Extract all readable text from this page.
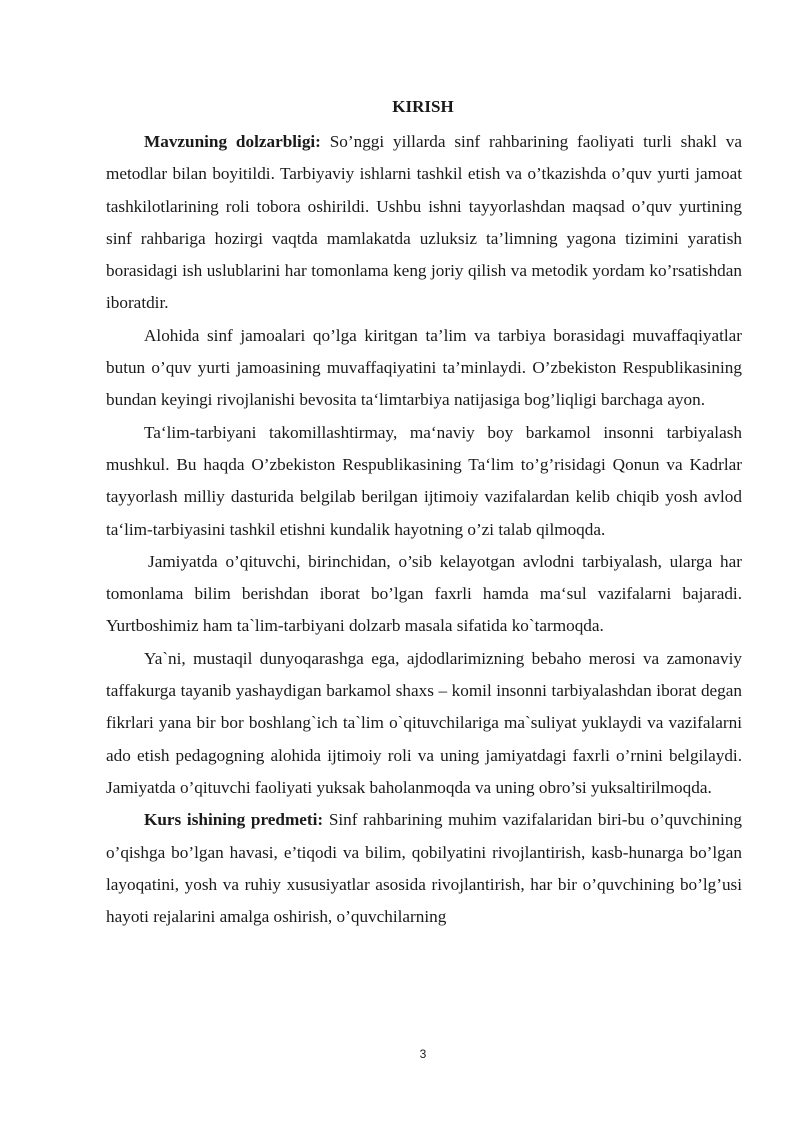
KIRISH

Mavzuning dolzarbligi: So’nggi yillarda sinf rahbarining faoliyati turli shakl va metodlar bilan boyitildi. Tarbiyaviy ishlarni tashkil etish va o’tkazishda o’quv yurti jamoat tashkilotlarining roli tobora oshirildi. Ushbu ishni tayyorlashdan maqsad o’quv yurtining sinf rahbariga hozirgi vaqtda mamlakatda uzluksiz ta’limning yagona tizimini yaratish borasidagi ish uslublarini har tomonlama keng joriy qilish va metodik yordam ko’rsatishdan iboratdir.

Alohida sinf jamoalari qo’lga kiritgan ta’lim va tarbiya borasidagi muvaffaqiyatlar butun o’quv yurti jamoasining muvaffaqiyatini ta’minlaydi. O’zbekiston Respublikasining bundan keyingi rivojlanishi bevosita ta‘limtarbiya natijasiga bog’liqligi barchaga ayon.

Ta‘lim-tarbiyani takomillashtirmay, ma‘naviy boy barkamol insonni tarbiyalash mushkul. Bu haqda O’zbekiston Respublikasining Ta‘lim to’g’risidagi Qonun va Kadrlar tayyorlash milliy dasturida belgilab berilgan ijtimoiy vazifalardan kelib chiqib yosh avlod ta‘lim-tarbiyasini tashkil etishni kundalik hayotning o’zi talab qilmoqda.

Jamiyatda o’qituvchi, birinchidan, o’sib kelayotgan avlodni tarbiyalash, ularga har tomonlama bilim berishdan iborat bo’lgan faxrli hamda ma‘sul vazifalarni bajaradi. Yurtboshimiz ham ta`lim-tarbiyani dolzarb masala sifatida ko`tarmoqda.

Ya`ni, mustaqil dunyoqarashga ega, ajdodlarimizning bebaho merosi va zamonaviy taffakurga tayanib yashaydigan barkamol shaxs – komil insonni tarbiyalashdan iborat degan fikrlari yana bir bor boshlang`ich ta`lim o`qituvchilariga ma`suliyat yuklaydi va vazifalarni ado etish pedagogning alohida ijtimoiy roli va uning jamiyatdagi faxrli o’rnini belgilaydi. Jamiyatda o’qituvchi faoliyati yuksak baholanmoqda va uning obro’si yuksaltirilmoqda.

Kurs ishining predmeti: Sinf rahbarining muhim vazifalaridan biri-bu o’quvchining o’qishga bo’lgan havasi, e’tiqodi va bilim, qobilyatini rivojlantirish, kasb-hunarga bo’lgan layoqatini, yosh va ruhiy xususiyatlar asosida rivojlantirish, har bir o’quvchining bo’lg’usi hayoti rejalarini amalga oshirish, o’quvchilarning

3
